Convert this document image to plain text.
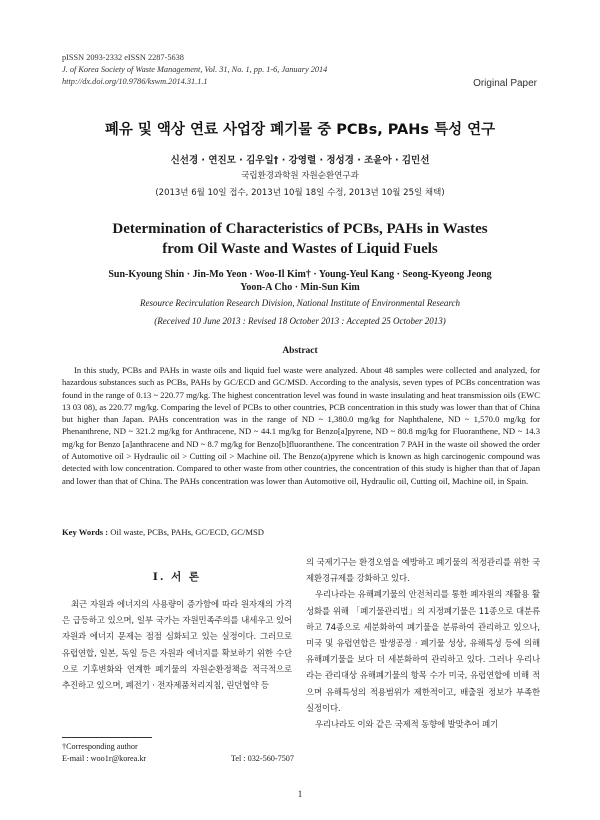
pISSN 2093-2332 eISSN 2287-5638
J. of Korea Society of Waste Management, Vol. 31, No. 1, pp. 1-6, January 2014
http://dx.doi.org/10.9786/kswm.2014.31.1.1	Original Paper
폐유 및 액상 연료 사업장 폐기물 중 PCBs, PAHs 특성 연구
신선경 · 연진모 · 김우일† · 강영렬 · 정성경 · 조윤아 · 김민선
국립환경과학원 자원순환연구과
(2013년 6월 10일 접수, 2013년 10월 18일 수정, 2013년 10월 25일 채택)
Determination of Characteristics of PCBs, PAHs in Wastes
from Oil Waste and Wastes of Liquid Fuels
Sun-Kyoung Shin · Jin-Mo Yeon · Woo-Il Kim† · Young-Yeul Kang · Seong-Kyeong Jeong
Yoon-A Cho · Min-Sun Kim
Resource Recirculation Research Division, National Institute of Environmental Research
(Received 10 June 2013 : Revised 18 October 2013 : Accepted 25 October 2013)
Abstract
In this study, PCBs and PAHs in waste oils and liquid fuel waste were analyzed. About 48 samples were collected and analyzed, for hazardous substances such as PCBs, PAHs by GC/ECD and GC/MSD. According to the analysis, seven types of PCBs concentration was found in the range of 0.13 ~ 220.77 mg/kg. The highest concentration level was found in waste insulating and heat transmission oils (EWC 13 03 08), as 220.77 mg/kg. Comparing the level of PCBs to other countries, PCB concentration in this study was lower than that of China but higher than Japan. PAHs concentration was in the range of ND ~ 1,380.0 mg/kg for Naphthalene, ND ~ 1,570.0 mg/kg for Phenanthrene, ND ~ 321.2 mg/kg for Anthracene, ND ~ 44.1 mg/kg for Benzo[a]pyrene, ND ~ 80.8 mg/kg for Fluoranthene, ND ~ 14.3 mg/kg for Benzo [a]anthracene and ND ~ 8.7 mg/kg for Benzo[b]fluoranthene. The concentration 7 PAH in the waste oil showed the order of Automotive oil > Hydraulic oil > Cutting oil > Machine oil. The Benzo(a)pyrene which is known as high carcinogenic compound was detected with low concentration. Compared to other waste from other countries, the concentration of this study is higher than that of Japan and lower than that of China. The PAHs concentration was lower than Automotive oil, Hydraulic oil, Cutting oil, Machine oil, in Spain.
Key Words : Oil waste, PCBs, PAHs, GC/ECD, GC/MSD
I. 서 론

최근 자원과 에너지의 사용량이 증가함에 따라 원자재의 가격은 급등하고 있으며, 일부 국가는 자원민족주의를 내세우고 있어 자원과 에너지 문제는 점점 심화되고 있는 실정이다. 그러므로 유럽연합, 일본, 독일 등은 자원과 에너지를 확보하기 위한 수단으로 기후변화와 연계한 폐기물의 자원순환정책을 적극적으로 추진하고 있으며, 폐전기 · 전자제품처리지침, 린던협약 등

의 국제기구는 환경오염을 예방하고 폐기물의 적정관리를 위한 국제환경규제를 강화하고 있다.

우리나라는 유해폐기물의 안전처리를 통한 폐자원의 재활용 활성화를 위해 「폐기물관리법」의 지정폐기물은 11종으로 대분류하고 74종으로 세분화하여 폐기물을 분류하여 관리하고 있으나, 미국 및 유럽연합은 발생공정 · 폐기물 성상, 유해특성 등에 의해 유해폐기물을 보다 더 세분화하여 관리하고 있다. 그러나 우리나라는 관리대상 유해폐기물의 항목 수가 미국, 유럽연합에 비해 적으며 유해특성의 적용범위가 제한적이고, 배출원 정보가 부족한 실정이다.

우리나라도 이와 같은 국제적 동향에 발맞추어 폐기

†Corresponding author
E-mail : woo1r@korea.kr	Tel : 032-560-7507
1
